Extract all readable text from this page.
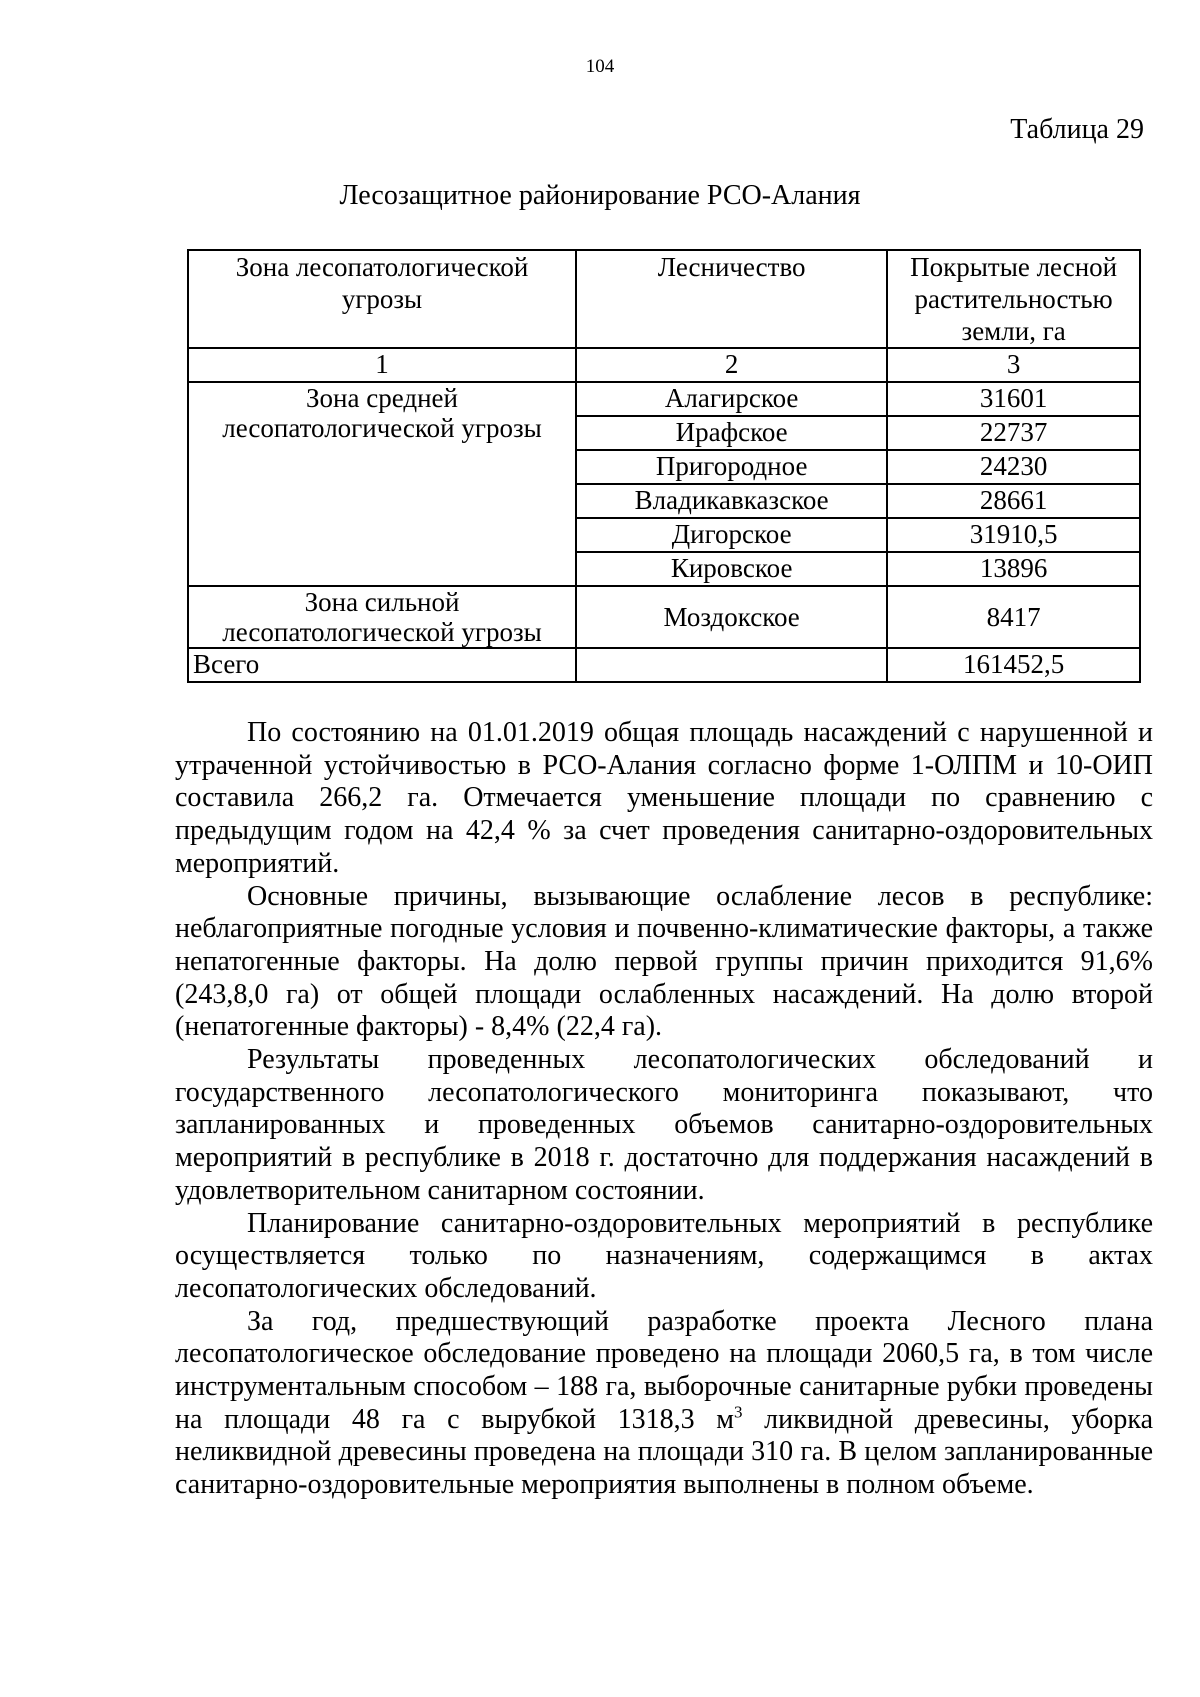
104
Таблица 29
Лесозащитное районирование РСО-Алания
Зона лесопатологической угрозы	Лесничество	Покрытые лесной растительностью земли, га
1	2	3
Зона средней лесопатологической угрозы	Алагирское	31601
	Ирафское	22737
	Пригородное	24230
	Владикавказское	28661
	Дигорское	31910,5
	Кировское	13896
Зона сильной лесопатологической угрозы	Моздокское	8417
Всего		161452,5

По состоянию на 01.01.2019 общая площадь насаждений с нарушенной и утраченной устойчивостью в РСО-Алания согласно форме 1-ОЛПМ и 10-ОИП составила 266,2 га. Отмечается уменьшение площади по сравнению с предыдущим годом на 42,4 % за счет проведения санитарно-оздоровительных мероприятий.

Основные причины, вызывающие ослабление лесов в республике: неблагоприятные погодные условия и почвенно-климатические факторы, а также непатогенные факторы. На долю первой группы причин приходится 91,6% (243,8,0 га) от общей площади ослабленных насаждений. На долю второй (непатогенные факторы) - 8,4% (22,4 га).

Результаты проведенных лесопатологических обследований и государственного лесопатологического мониторинга показывают, что запланированных и проведенных объемов санитарно-оздоровительных мероприятий в республике в 2018 г. достаточно для поддержания насаждений в удовлетворительном санитарном состоянии.

Планирование санитарно-оздоровительных мероприятий в республике осуществляется только по назначениям, содержащимся в актах лесопатологических обследований.

За год, предшествующий разработке проекта Лесного плана лесопатологическое обследование проведено на площади 2060,5 га, в том числе инструментальным способом – 188 га, выборочные санитарные рубки проведены на площади 48 га с вырубкой 1318,3 $м^3$ ликвидной древесины, уборка неликвидной древесины проведена на площади 310 га. В целом запланированные санитарно-оздоровительные мероприятия выполнены в полном объеме.
